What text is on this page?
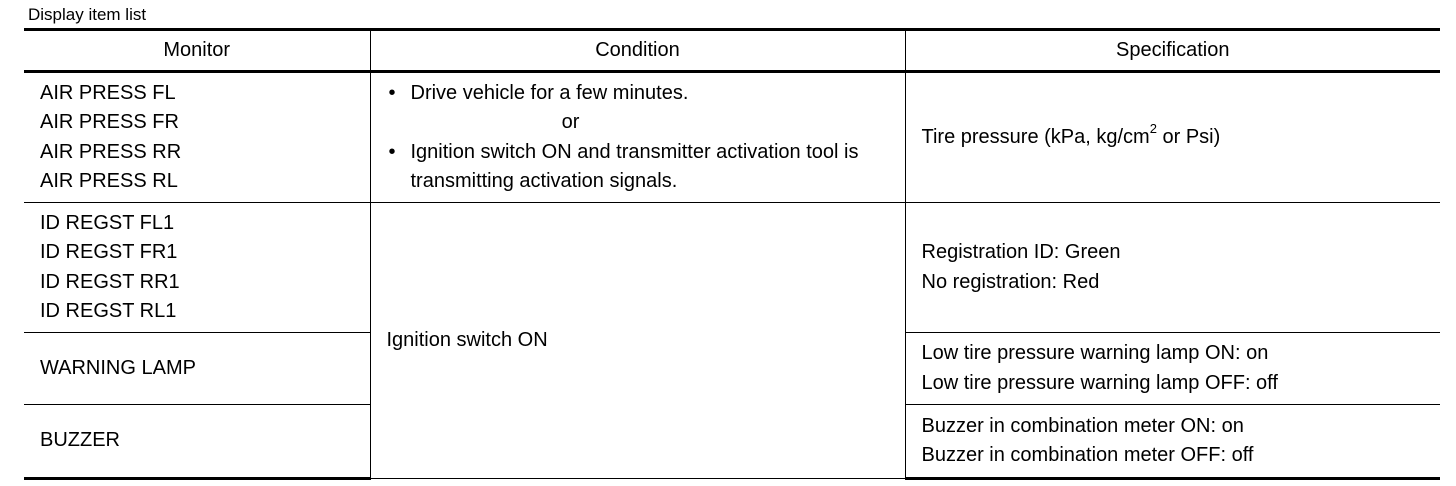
Display item list
Monitor	Condition	Specification

AIR PRESS FL
AIR PRESS FR
AIR PRESS RR
AIR PRESS RL	• Drive vehicle for a few minutes.
or
• Ignition switch ON and transmitter activation tool is transmitting activation signals.	Tire pressure (kPa, $kg/cm^2$ or Psi)

ID REGST FL1
ID REGST FR1
ID REGST RR1
ID REGST RL1	Ignition switch ON	Registration ID: Green
No registration: Red

WARNING LAMP		Low tire pressure warning lamp ON: on
Low tire pressure warning lamp OFF: off

BUZZER		Buzzer in combination meter ON: on
Buzzer in combination meter OFF: off
